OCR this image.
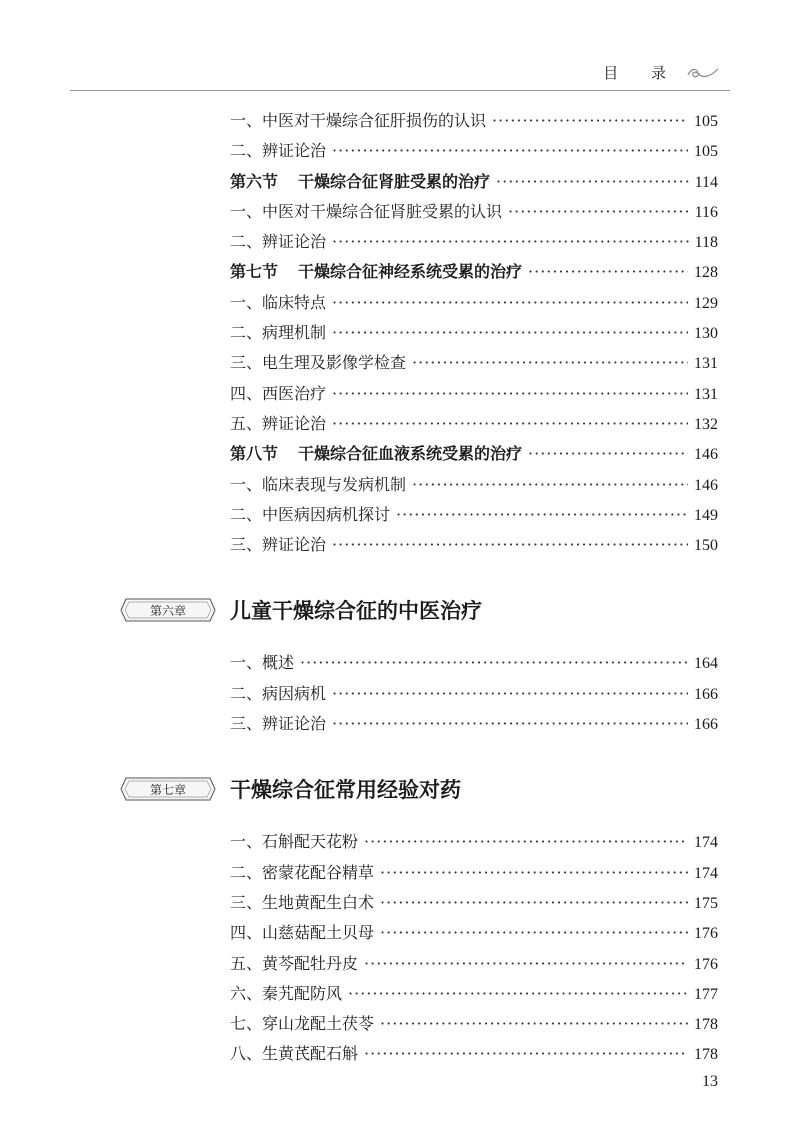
目 录
一、中医对干燥综合征肝损伤的认识 ·····	105
二、辨证论治 ·····	105
第六节 干燥综合征肾脏受累的治疗 ·····	114
一、中医对干燥综合征肾脏受累的认识 ·····	116
二、辨证论治 ·····	118
第七节 干燥综合征神经系统受累的治疗 ·····	128
一、临床特点 ·····	129
二、病理机制 ·····	130
三、电生理及影像学检查 ·····	131
四、西医治疗 ·····	131
五、辨证论治 ·····	132
第八节 干燥综合征血液系统受累的治疗 ·····	146
一、临床表现与发病机制 ·····	146
二、中医病因病机探讨 ·····	149
三、辨证论治 ·····	150
第六章 儿童干燥综合征的中医治疗
一、概述 ·····	164
二、病因病机 ·····	166
三、辨证论治 ·····	166
第七章 干燥综合征常用经验对药
一、石斛配天花粉 ·····	174
二、密蒙花配谷精草 ·····	174
三、生地黄配生白术 ·····	175
四、山慈菇配土贝母 ·····	176
五、黄芩配牡丹皮 ·····	176
六、秦艽配防风 ·····	177
七、穿山龙配土茯苓 ·····	178
八、生黄芪配石斛 ·····	178
13
